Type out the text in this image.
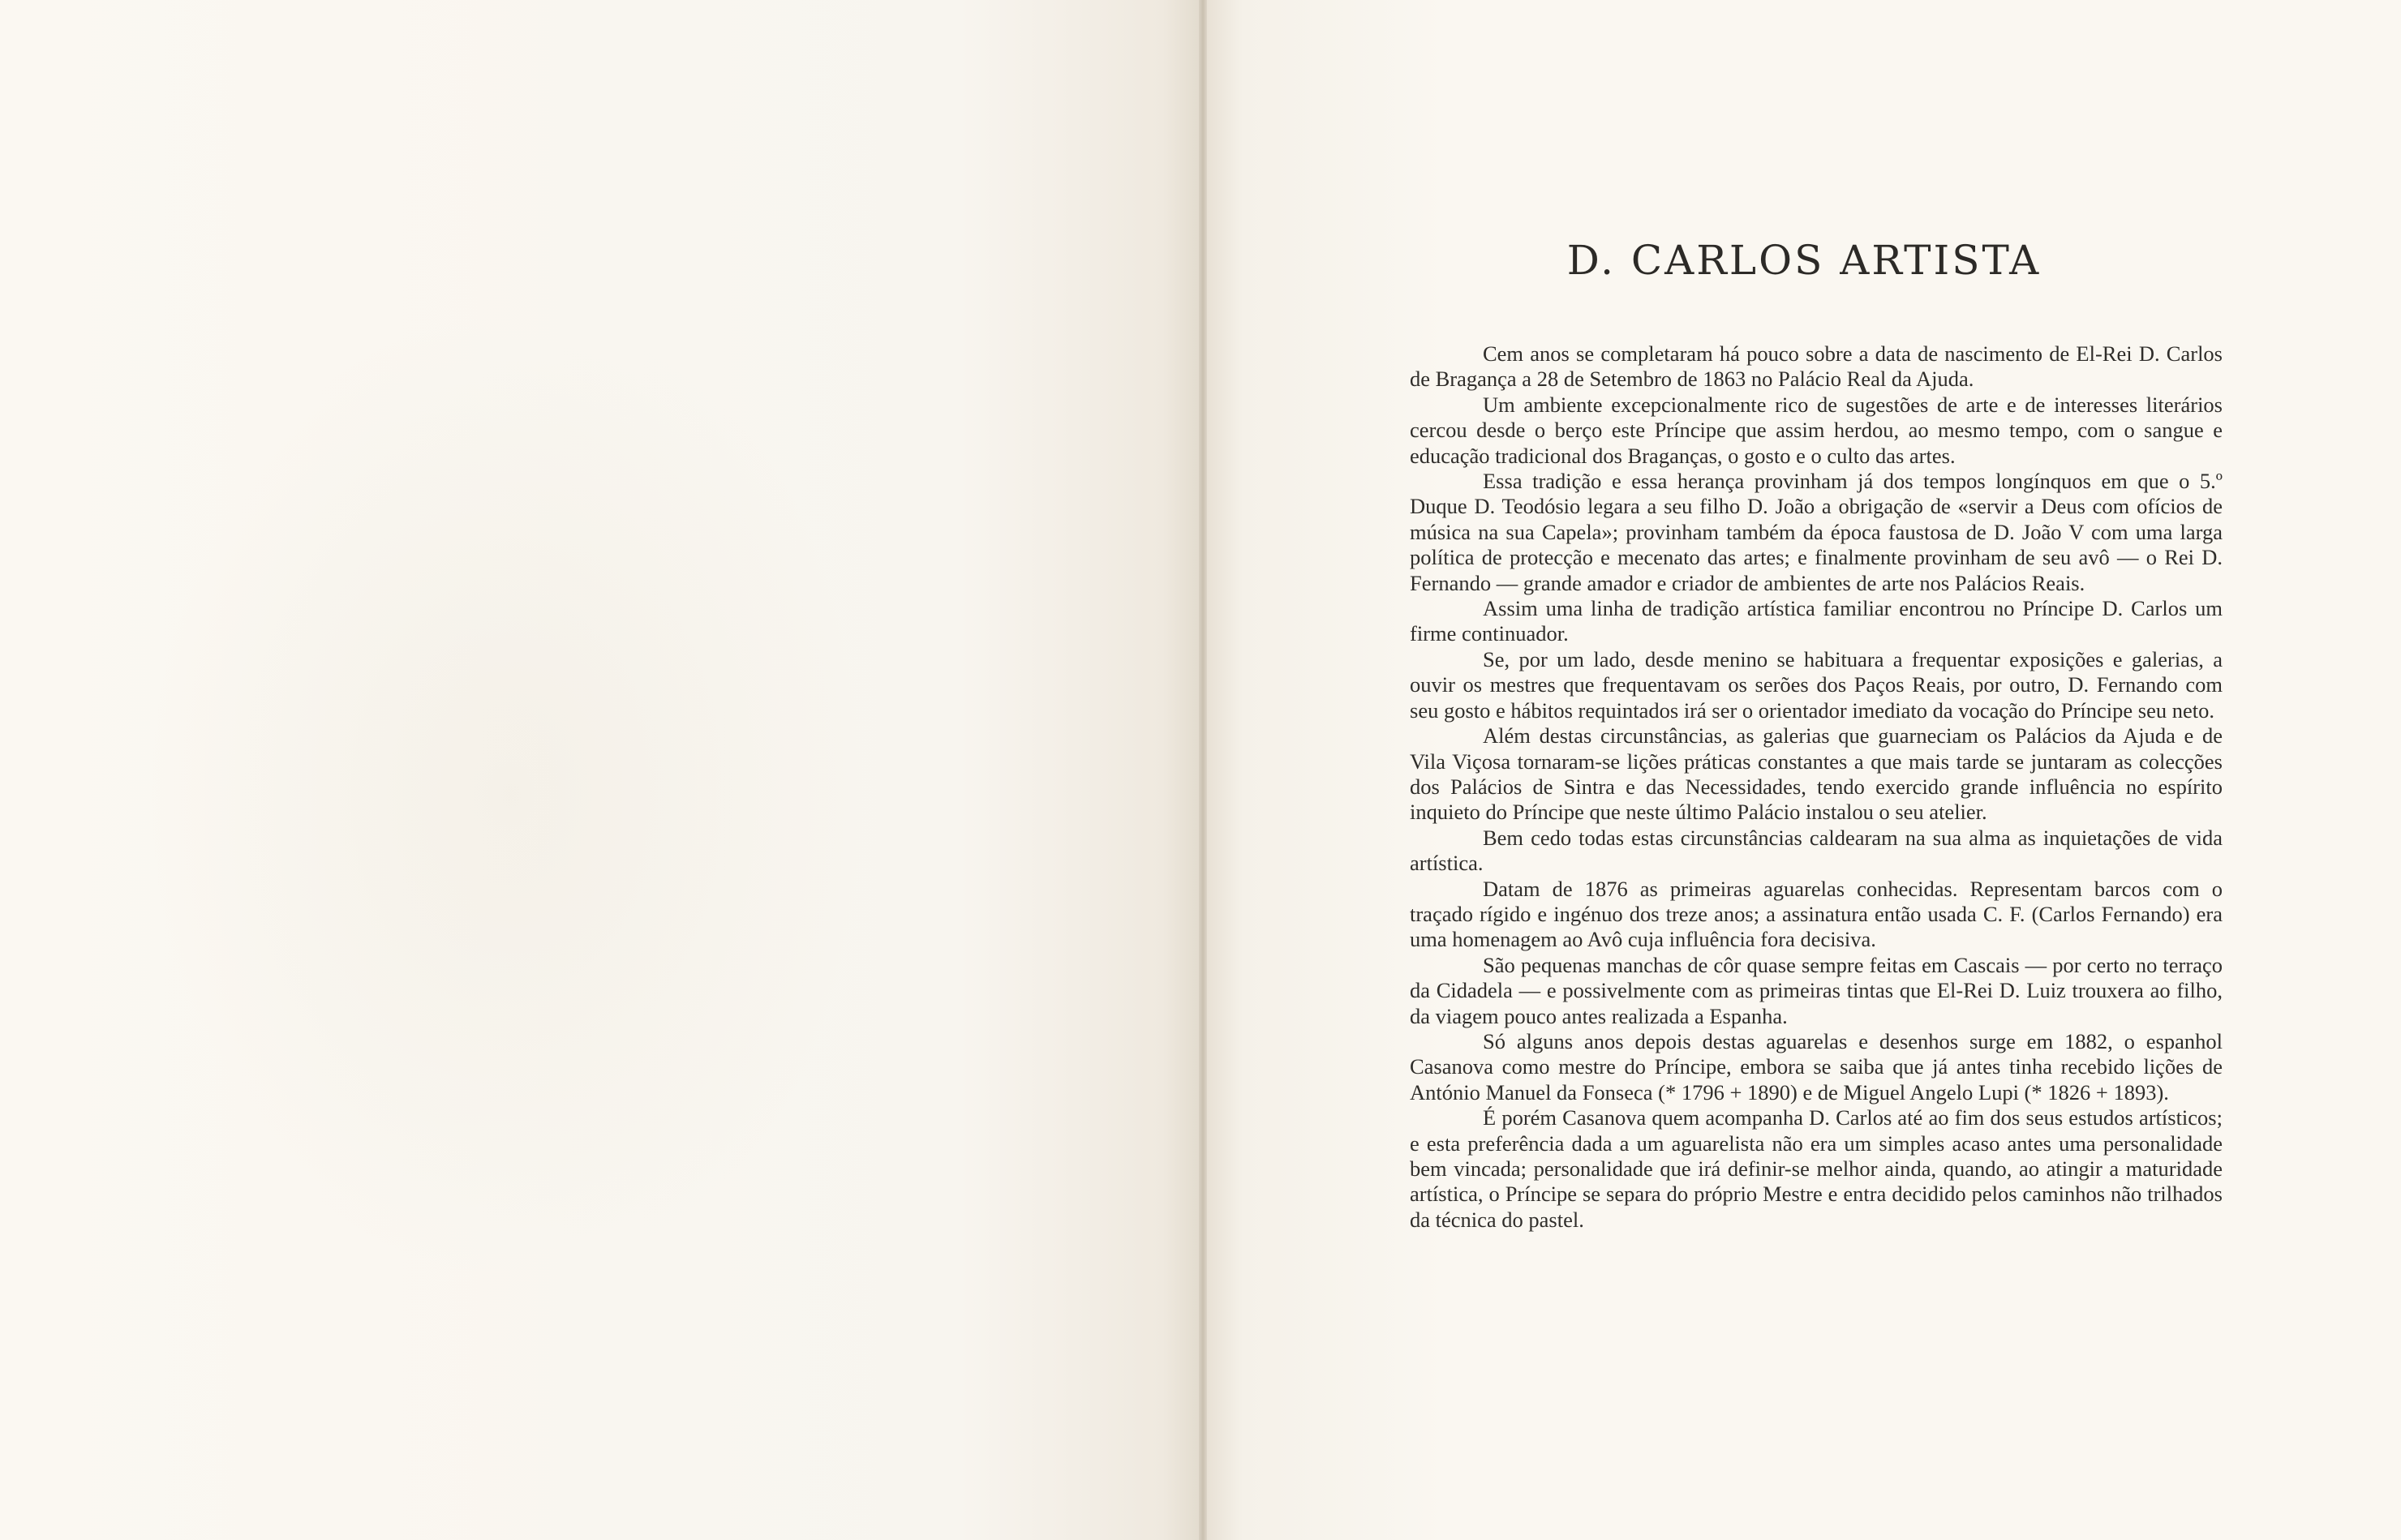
D. CARLOS ARTISTA

Cem anos se completaram há pouco sobre a data de nascimento de El-Rei D. Carlos de Bragança a 28 de Setembro de 1863 no Palácio Real da Ajuda.

Um ambiente excepcionalmente rico de sugestões de arte e de interesses literários cercou desde o berço este Príncipe que assim herdou, ao mesmo tempo, com o sangue e educação tradicional dos Braganças, o gosto e o culto das artes.

Essa tradição e essa herança provinham já dos tempos longínquos em que o 5.º Duque D. Teodósio legara a seu filho D. João a obrigação de «servir a Deus com ofícios de música na sua Capela»; provinham também da época faustosa de D. João V com uma larga política de protecção e mecenato das artes; e finalmente provinham de seu avô — o Rei D. Fernando — grande amador e criador de ambientes de arte nos Palácios Reais.

Assim uma linha de tradição artística familiar encontrou no Príncipe D. Carlos um firme continuador.

Se, por um lado, desde menino se habituara a frequentar exposições e galerias, a ouvir os mestres que frequentavam os serões dos Paços Reais, por outro, D. Fernando com seu gosto e hábitos requintados irá ser o orientador imediato da vocação do Príncipe seu neto.

Além destas circunstâncias, as galerias que guarneciam os Palácios da Ajuda e de Vila Viçosa tornaram-se lições práticas constantes a que mais tarde se juntaram as colecções dos Palácios de Sintra e das Necessidades, tendo exercido grande influência no espírito inquieto do Príncipe que neste último Palácio instalou o seu atelier.

Bem cedo todas estas circunstâncias caldearam na sua alma as inquietações de vida artística.

Datam de 1876 as primeiras aguarelas conhecidas. Representam barcos com o traçado rígido e ingénuo dos treze anos; a assinatura então usada C. F. (Carlos Fernando) era uma homenagem ao Avô cuja influência fora decisiva.

São pequenas manchas de côr quase sempre feitas em Cascais — por certo no terraço da Cidadela — e possivelmente com as primeiras tintas que El-Rei D. Luiz trouxera ao filho, da viagem pouco antes realizada a Espanha.

Só alguns anos depois destas aguarelas e desenhos surge em 1882, o espanhol Casanova como mestre do Príncipe, embora se saiba que já antes tinha recebido lições de António Manuel da Fonseca (* 1796 + 1890) e de Miguel Angelo Lupi (* 1826 + 1893).

É porém Casanova quem acompanha D. Carlos até ao fim dos seus estudos artísticos; e esta preferência dada a um aguarelista não era um simples acaso antes uma personalidade bem vincada; personalidade que irá definir-se melhor ainda, quando, ao atingir a maturidade artística, o Príncipe se separa do próprio Mestre e entra decidido pelos caminhos não trilhados da técnica do pastel.
